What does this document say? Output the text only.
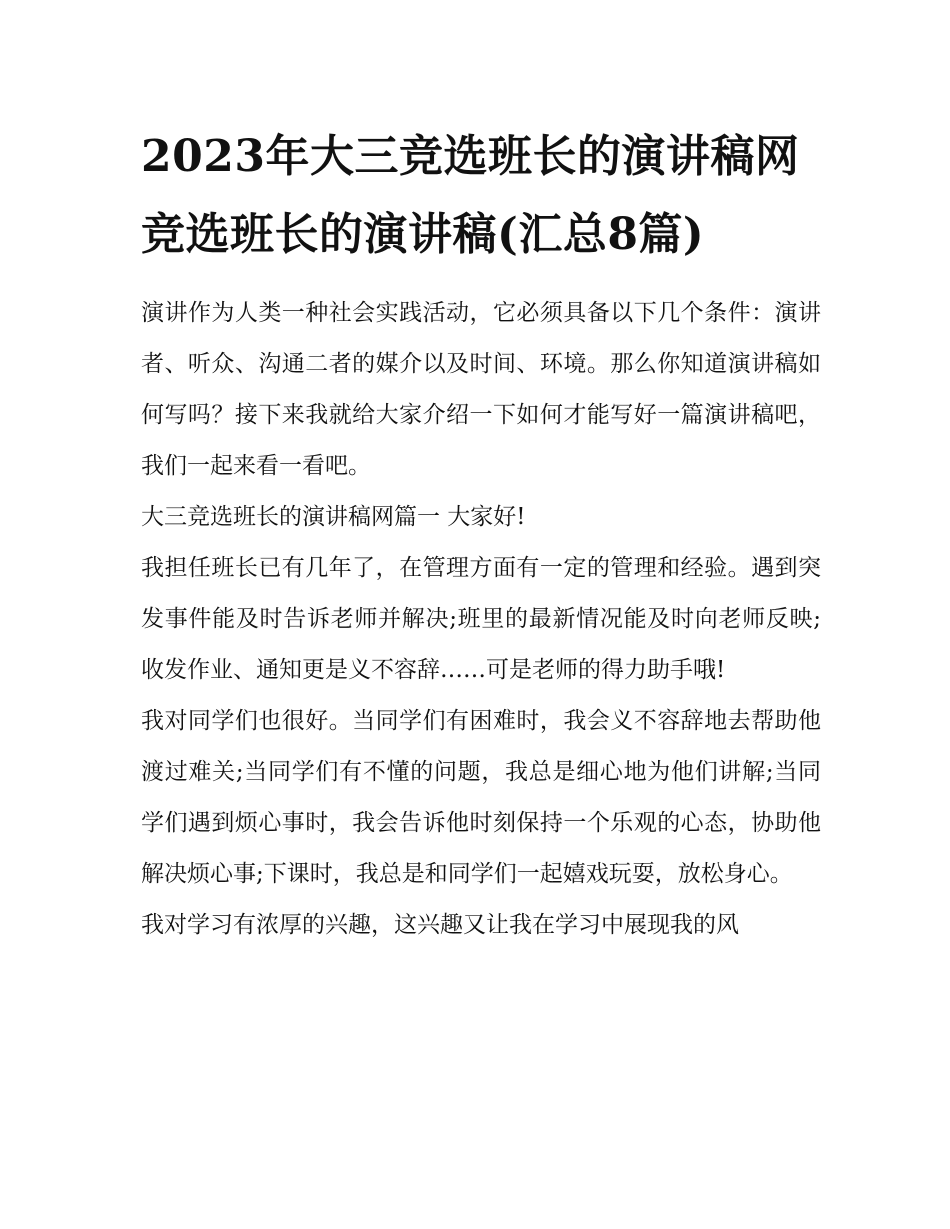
2023年大三竞选班长的演讲稿网 竞选班长的演讲稿(汇总8篇)

演讲作为人类一种社会实践活动，它必须具备以下几个条件：演讲者、听众、沟通二者的媒介以及时间、环境。那么你知道演讲稿如何写吗？接下来我就给大家介绍一下如何才能写好一篇演讲稿吧，我们一起来看一看吧。

大三竞选班长的演讲稿网篇一 大家好!

我担任班长已有几年了，在管理方面有一定的管理和经验。遇到突发事件能及时告诉老师并解决;班里的最新情况能及时向老师反映;收发作业、通知更是义不容辞……可是老师的得力助手哦!

我对同学们也很好。当同学们有困难时，我会义不容辞地去帮助他渡过难关;当同学们有不懂的问题，我总是细心地为他们讲解;当同学们遇到烦心事时，我会告诉他时刻保持一个乐观的心态，协助他解决烦心事;下课时，我总是和同学们一起嬉戏玩耍，放松身心。

我对学习有浓厚的兴趣，这兴趣又让我在学习中展现我的风
